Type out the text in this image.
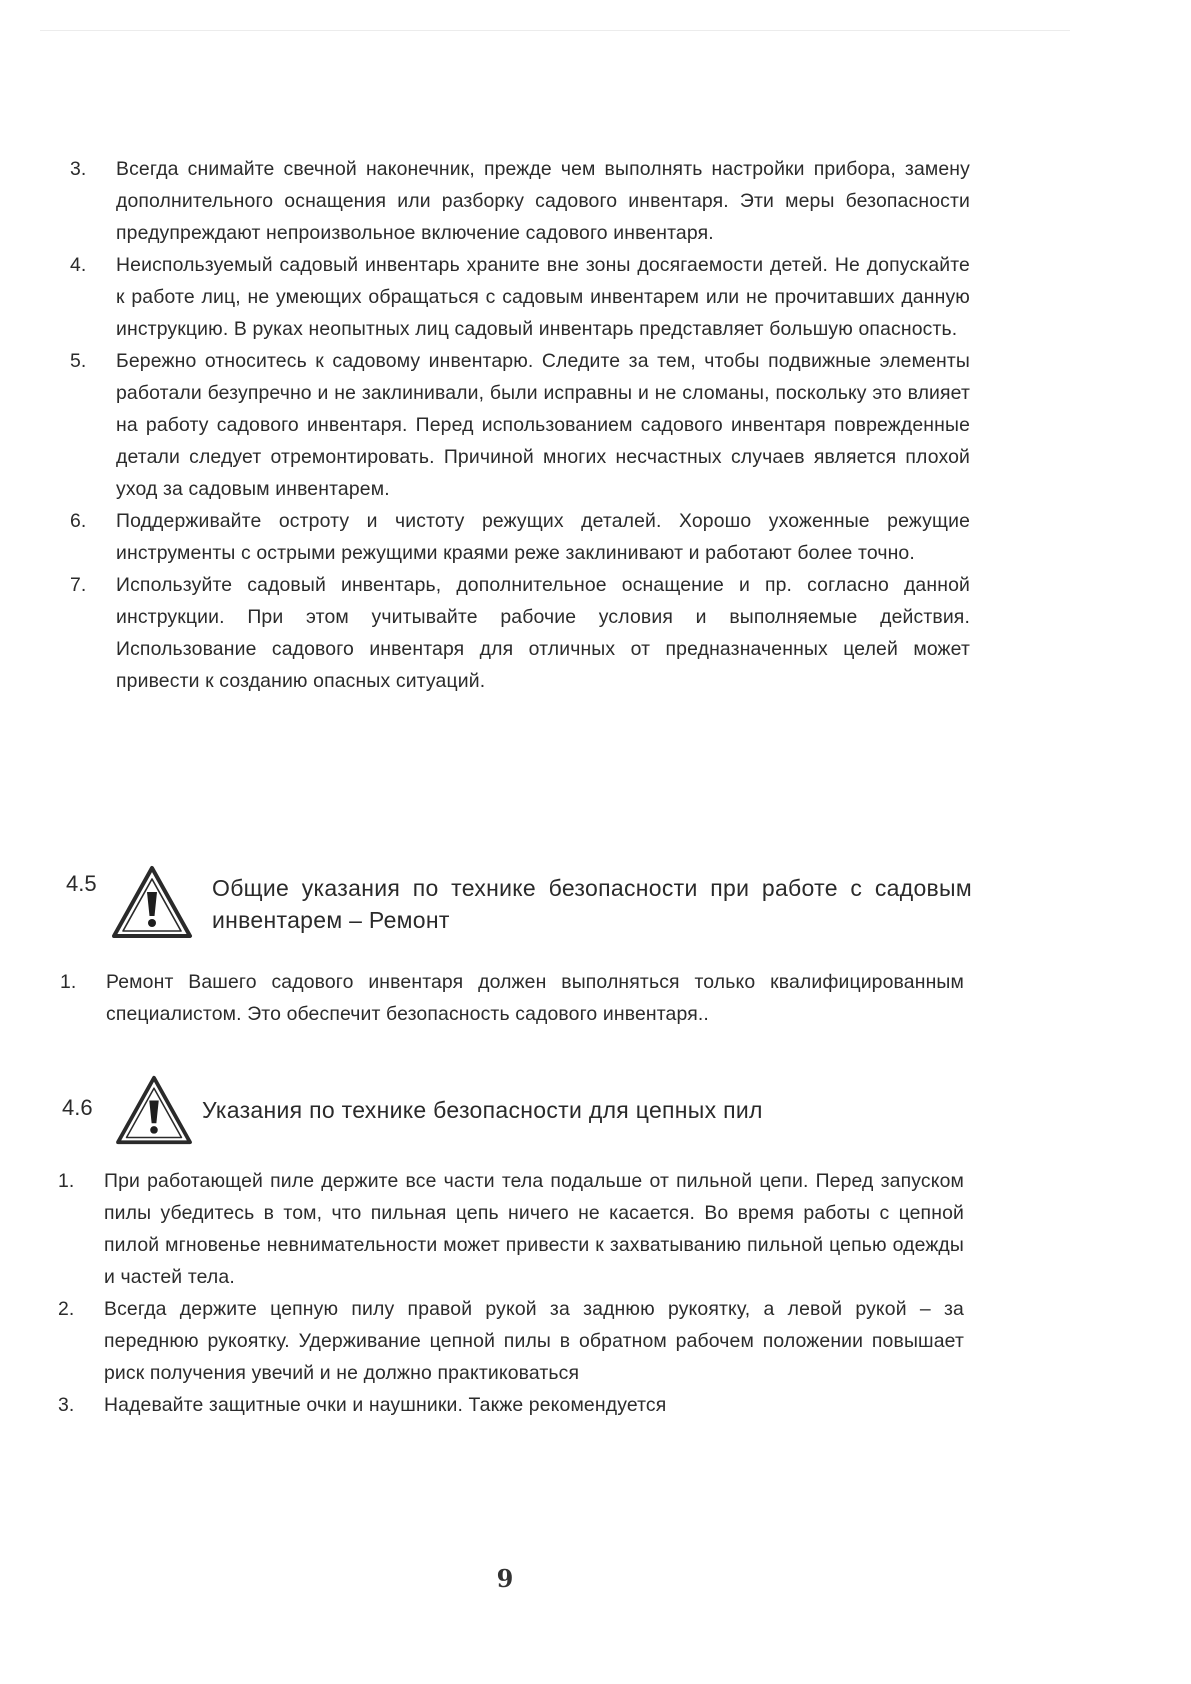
3. Всегда снимайте свечной наконечник, прежде чем выполнять настройки прибора, замену дополнительного оснащения или разборку садового инвентаря. Эти меры безопасности предупреждают непроизвольное включение садового инвентаря.
4. Неиспользуемый садовый инвентарь храните вне зоны досягаемости детей. Не допускайте к работе лиц, не умеющих обращаться с садовым инвентарем или не прочитавших данную инструкцию. В руках неопытных лиц садовый инвентарь представляет большую опасность.
5. Бережно относитесь к садовому инвентарю. Следите за тем, чтобы подвижные элементы работали безупречно и не заклинивали, были исправны и не сломаны, поскольку это влияет на работу садового инвентаря. Перед использованием садового инвентаря поврежденные детали следует отремонтировать. Причиной многих несчастных случаев является плохой уход за садовым инвентарем.
6. Поддерживайте остроту и чистоту режущих деталей. Хорошо ухоженные режущие инструменты с острыми режущими краями реже заклинивают и работают более точно.
7. Используйте садовый инвентарь, дополнительное оснащение и пр. согласно данной инструкции. При этом учитывайте рабочие условия и выполняемые действия. Использование садового инвентаря для отличных от предназначенных целей может привести к созданию опасных ситуаций.
4.5	Общие указания по технике безопасности при работе с садовым инвентарем – Ремонт
1. Ремонт Вашего садового инвентаря должен выполняться только квалифицированным специалистом. Это обеспечит безопасность садового инвентаря..
4.6	Указания по технике безопасности для цепных пил
1. При работающей пиле держите все части тела подальше от пильной цепи. Перед запуском пилы убедитесь в том, что пильная цепь ничего не касается. Во время работы с цепной пилой мгновенье невнимательности может привести к захватыванию пильной цепью одежды и частей тела.
2. Всегда держите цепную пилу правой рукой за заднюю рукоятку, а левой рукой – за переднюю рукоятку. Удерживание цепной пилы в обратном рабочем положении повышает риск получения увечий и не должно практиковаться
3. Надевайте защитные очки и наушники. Также рекомендуется
9
